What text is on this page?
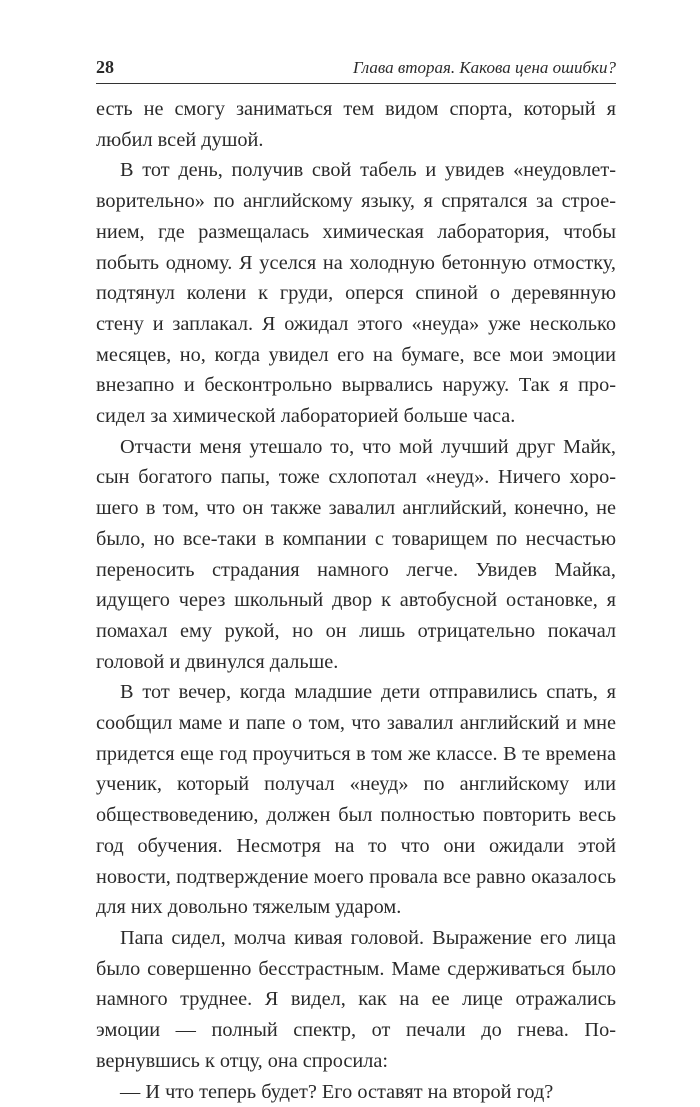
28	Глава вторая. Какова цена ошибки?

есть не смогу заниматься тем видом спорта, который я любил всей душой.

В тот день, получив свой табель и увидев «неудовлетворительно» по английскому языку, я спрятался за строением, где размещалась химическая лаборатория, чтобы побыть одному. Я уселся на холодную бетонную отмостку, подтянул колени к груди, оперся спиной о деревянную стену и заплакал. Я ожидал этого «неуда» уже несколько месяцев, но, когда увидел его на бумаге, все мои эмоции внезапно и бесконтрольно вырвались наружу. Так я просидел за химической лабораторией больше часа.

Отчасти меня утешало то, что мой лучший друг Майк, сын богатого папы, тоже схлопотал «неуд». Ничего хорошего в том, что он также завалил английский, конечно, не было, но все-таки в компании с товарищем по несчастью переносить страдания намного легче. Увидев Майка, идущего через школьный двор к автобусной остановке, я помахал ему рукой, но он лишь отрицательно покачал головой и двинулся дальше.

В тот вечер, когда младшие дети отправились спать, я сообщил маме и папе о том, что завалил английский и мне придется еще год проучиться в том же классе. В те времена ученик, который получал «неуд» по английскому или обществоведению, должен был полностью повторить весь год обучения. Несмотря на то что они ожидали этой новости, подтверждение моего провала все равно оказалось для них довольно тяжелым ударом.

Папа сидел, молча кивая головой. Выражение его лица было совершенно бесстрастным. Маме сдерживаться было намного труднее. Я видел, как на ее лице отражались эмоции — полный спектр, от печали до гнева. Повернувшись к отцу, она спросила:

— И что теперь будет? Его оставят на второй год?
